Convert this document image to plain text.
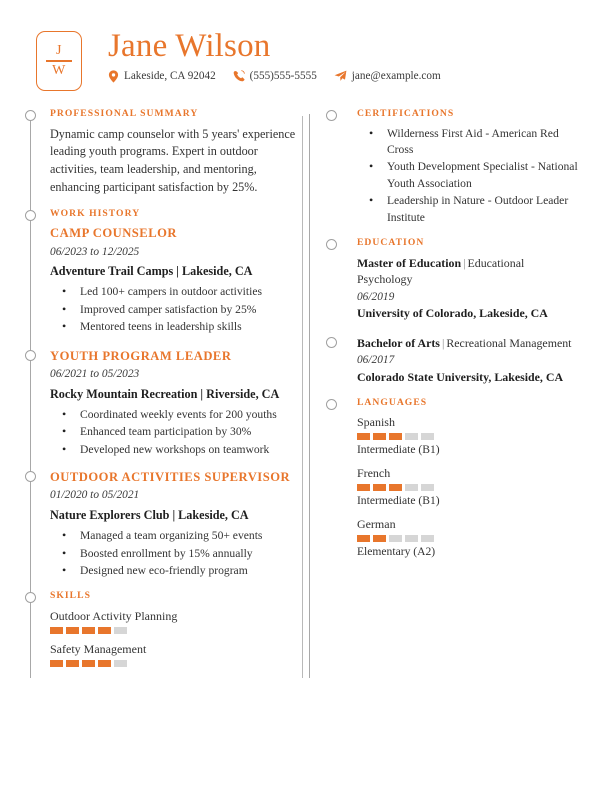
J
W
Jane Wilson
Lakeside, CA 92042	(555)555-5555	jane@example.com
PROFESSIONAL SUMMARY
Dynamic camp counselor with 5 years' experience leading youth programs. Expert in outdoor activities, team leadership, and mentoring, enhancing participant satisfaction by 25%.
WORK HISTORY
CAMP COUNSELOR
06/2023 to 12/2025
Adventure Trail Camps | Lakeside, CA
• Led 100+ campers in outdoor activities
• Improved camper satisfaction by 25%
• Mentored teens in leadership skills
YOUTH PROGRAM LEADER
06/2021 to 05/2023
Rocky Mountain Recreation | Riverside, CA
• Coordinated weekly events for 200 youths
• Enhanced team participation by 30%
• Developed new workshops on teamwork
OUTDOOR ACTIVITIES SUPERVISOR
01/2020 to 05/2021
Nature Explorers Club | Lakeside, CA
• Managed a team organizing 50+ events
• Boosted enrollment by 15% annually
• Designed new eco-friendly program
SKILLS
Outdoor Activity Planning
Safety Management
CERTIFICATIONS
• Wilderness First Aid - American Red Cross
• Youth Development Specialist - National Youth Association
• Leadership in Nature - Outdoor Leader Institute
EDUCATION
Master of Education | Educational Psychology
06/2019
University of Colorado, Lakeside, CA
Bachelor of Arts | Recreational Management
06/2017
Colorado State University, Lakeside, CA
LANGUAGES
Spanish
Intermediate (B1)
French
Intermediate (B1)
German
Elementary (A2)
